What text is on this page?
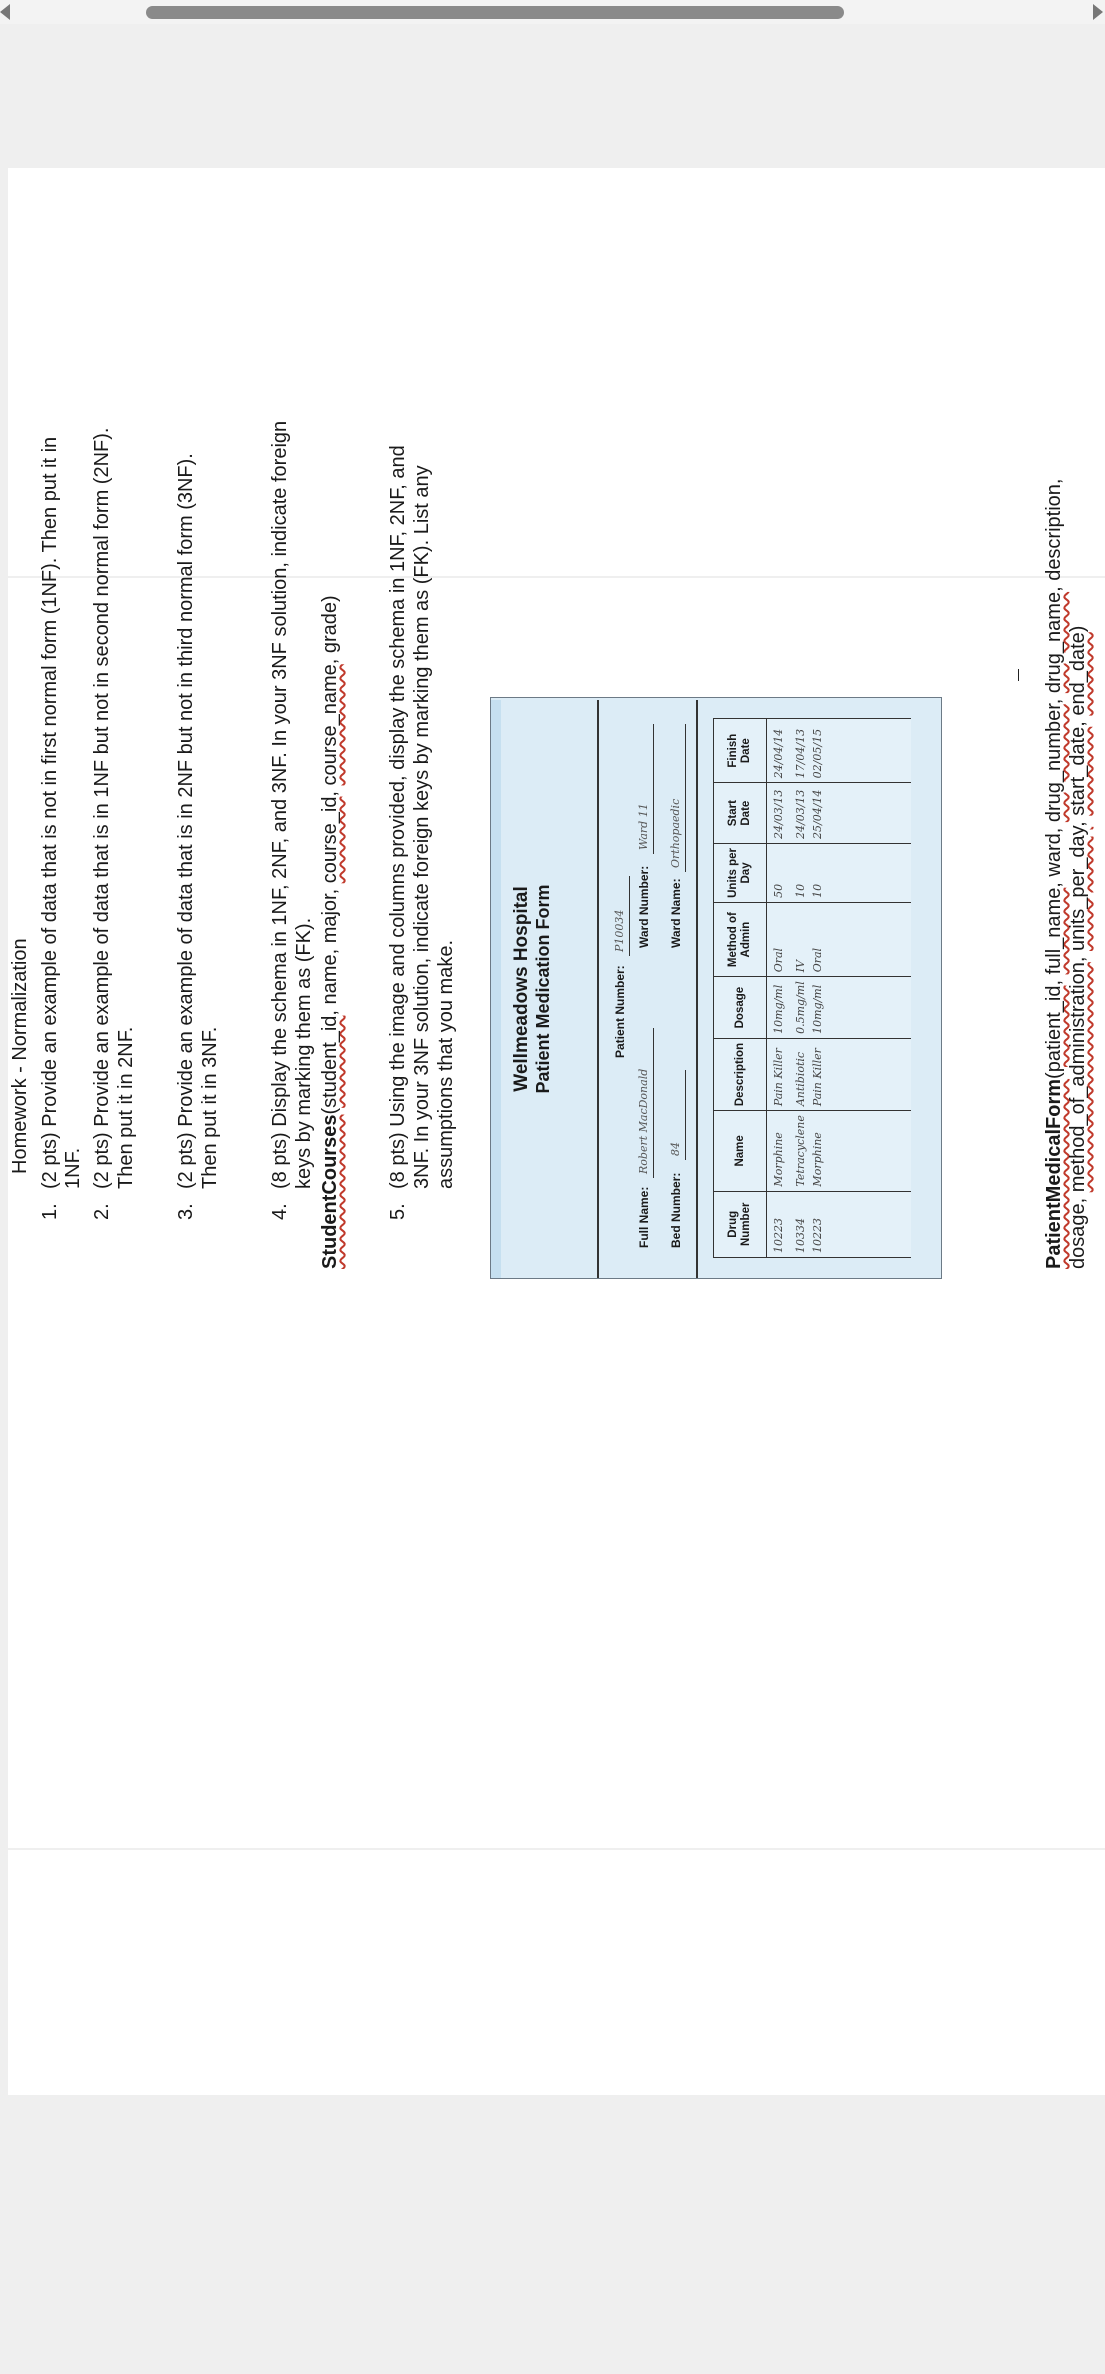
Homework - Normalization
1.
(2 pts) Provide an example of data that is not in first normal form (1NF). Then put it in 1NF.
2.
(2 pts) Provide an example of data that is in 1NF but not in second normal form (2NF). Then put it in 2NF.
3.
(2 pts) Provide an example of data that is in 2NF but not in third normal form (3NF). Then put it in 3NF.
4.
(8 pts) Display the schema in 1NF, 2NF, and 3NF. In your 3NF solution, indicate foreign keys by marking them as (FK).
StudentCourses(student_id, name, major, course_id, course_name, grade)
5.
(8 pts) Using the image and columns provided, display the schema in 1NF, 2NF, and 3NF. In your 3NF solution, indicate foreign keys by marking them as (FK). List any assumptions that you make.	Wellmeadows Hospital Patient Medication Form	Patient Number:
P10034
Full Name:
Robert MacDonald
Ward Number:
Ward 11
Bed Number:
84
Ward Name:
Orthopaedic
Drug Number	Name	Description	Dosage	Method of Admin	Units per Day	Start Date	Finish Date
10223	Morphine	Pain Killer	10mg/ml	Oral	50	24/03/13	24/04/14
10334	Tetracyclene	Antibiotic	0.5mg/ml	IV	10	24/03/13	17/04/13
10223	Morphine	Pain Killer	10mg/ml	Oral	10	25/04/14	02/05/15
PatientMedicalForm(patient_id, full_name, ward, drug_number, drug_name, description,
dosage, method_of_administration, units_per_day, start_date, end_date)
